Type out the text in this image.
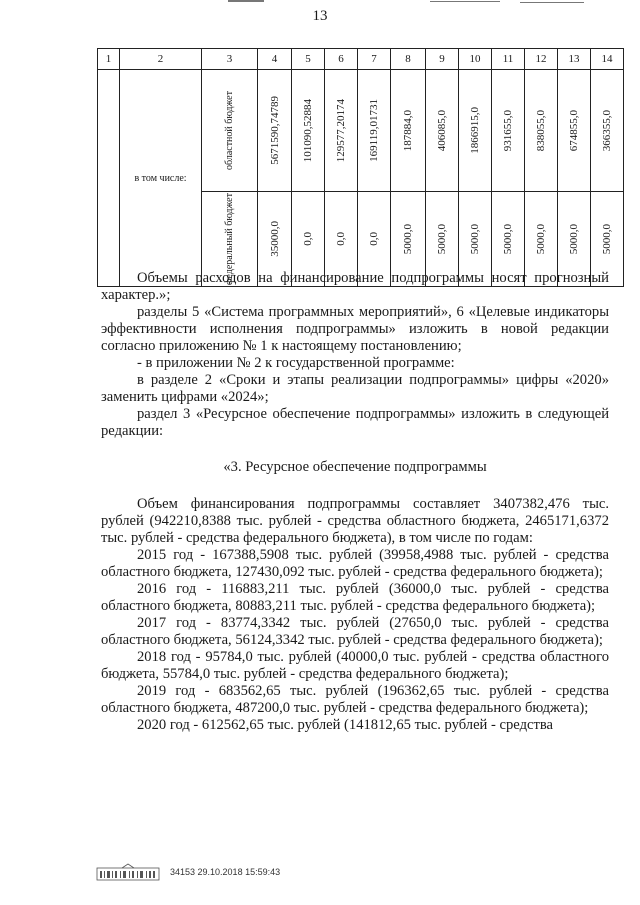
13
1	2	3	4	5	6	7	8	9	10	11	12	13	14
	в том числе:	областной бюджет	5671590,74789	101090,52884	129577,20174	169119,01731	187884,0	406085,0	1866915,0	931655,0	838055,0	674855,0	366355,0

		федеральный бюджет	35000,0	0,0	0,0	0,0	5000,0	5000,0	5000,0	5000,0	5000,0	5000,0	5000,0

Объемы расходов на финансирование подпрограммы носят прогнозный характер.»;

разделы 5 «Система программных мероприятий», 6 «Целевые индикаторы эффективности исполнения подпрограммы» изложить в новой редакции согласно приложению № 1 к настоящему постановлению;

- в приложении № 2 к государственной программе:

в разделе 2 «Сроки и этапы реализации подпрограммы» цифры «2020» заменить цифрами «2024»;

раздел 3 «Ресурсное обеспечение подпрограммы» изложить в следующей редакции:

«3. Ресурсное обеспечение подпрограммы

Объем финансирования подпрограммы составляет 3407382,476 тыс. рублей (942210,8388 тыс. рублей - средства областного бюджета, 2465171,6372 тыс. рублей - средства федерального бюджета), в том числе по годам:

2015 год - 167388,5908 тыс. рублей (39958,4988 тыс. рублей - средства областного бюджета, 127430,092 тыс. рублей - средства федерального бюджета);

2016 год - 116883,211 тыс. рублей (36000,0 тыс. рублей - средства областного бюджета, 80883,211 тыс. рублей - средства федерального бюджета);

2017 год - 83774,3342 тыс. рублей (27650,0 тыс. рублей - средства областного бюджета, 56124,3342 тыс. рублей - средства федерального бюджета);

2018 год - 95784,0 тыс. рублей (40000,0 тыс. рублей - средства областного бюджета, 55784,0 тыс. рублей - средства федерального бюджета);

2019 год - 683562,65 тыс. рублей (196362,65 тыс. рублей - средства областного бюджета, 487200,0 тыс. рублей - средства федерального бюджета);

2020 год - 612562,65 тыс. рублей (141812,65 тыс. рублей - средства

34153 29.10.2018 15:59:43
